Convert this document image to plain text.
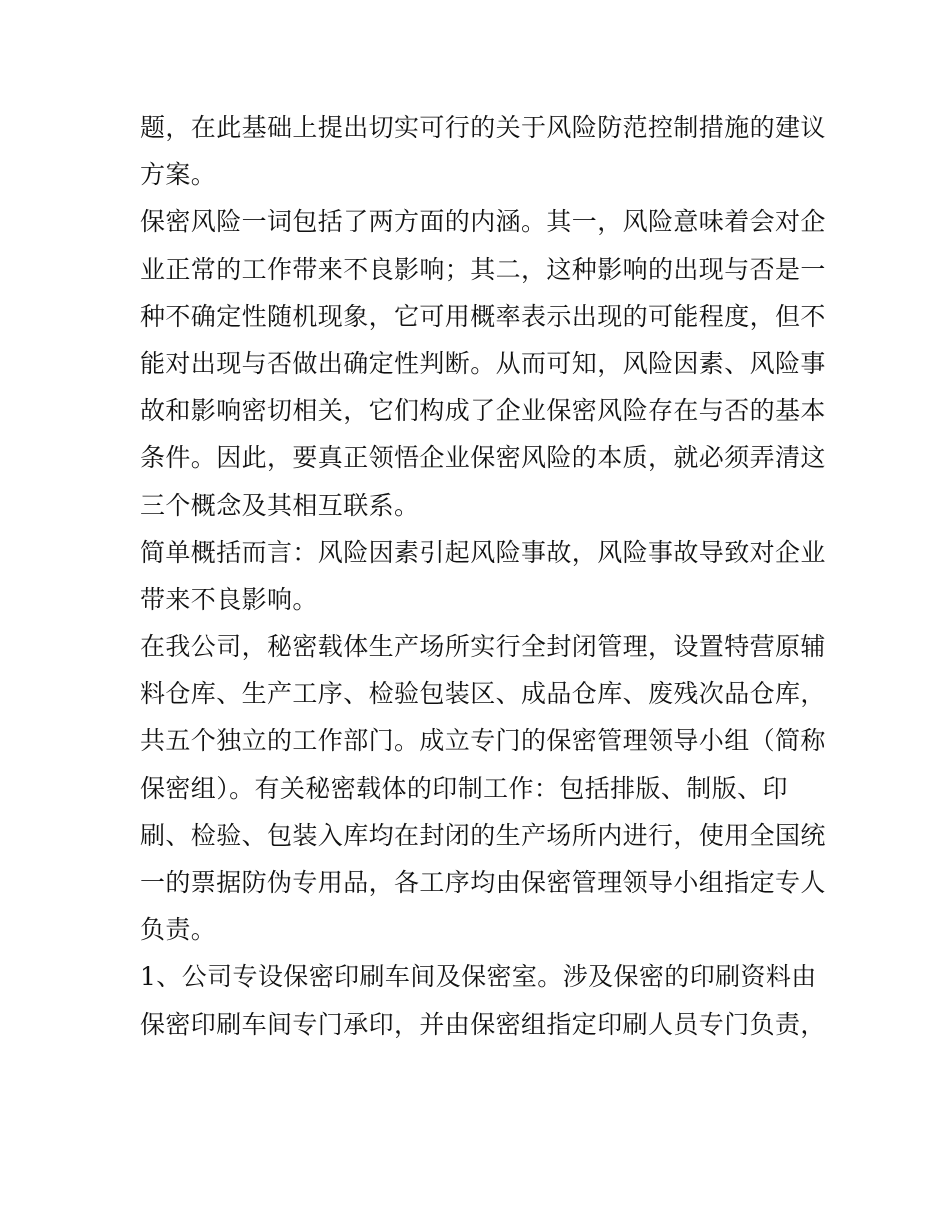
题，在此基础上提出切实可行的关于风险防范控制措施的建议
方案。
保密风险一词包括了两方面的内涵。其一，风险意味着会对企
业正常的工作带来不良影响；其二，这种影响的出现与否是一
种不确定性随机现象，它可用概率表示出现的可能程度，但不
能对出现与否做出确定性判断。从而可知，风险因素、风险事
故和影响密切相关，它们构成了企业保密风险存在与否的基本
条件。因此，要真正领悟企业保密风险的本质，就必须弄清这
三个概念及其相互联系。
简单概括而言：风险因素引起风险事故，风险事故导致对企业
带来不良影响。
在我公司，秘密载体生产场所实行全封闭管理，设置特营原辅
料仓库、生产工序、检验包装区、成品仓库、废残次品仓库，
共五个独立的工作部门。成立专门的保密管理领导小组（简称
保密组）。有关秘密载体的印制工作：包括排版、制版、印
刷、检验、包装入库均在封闭的生产场所内进行，使用全国统
一的票据防伪专用品，各工序均由保密管理领导小组指定专人
负责。
1、公司专设保密印刷车间及保密室。涉及保密的印刷资料由
保密印刷车间专门承印，并由保密组指定印刷人员专门负责，
